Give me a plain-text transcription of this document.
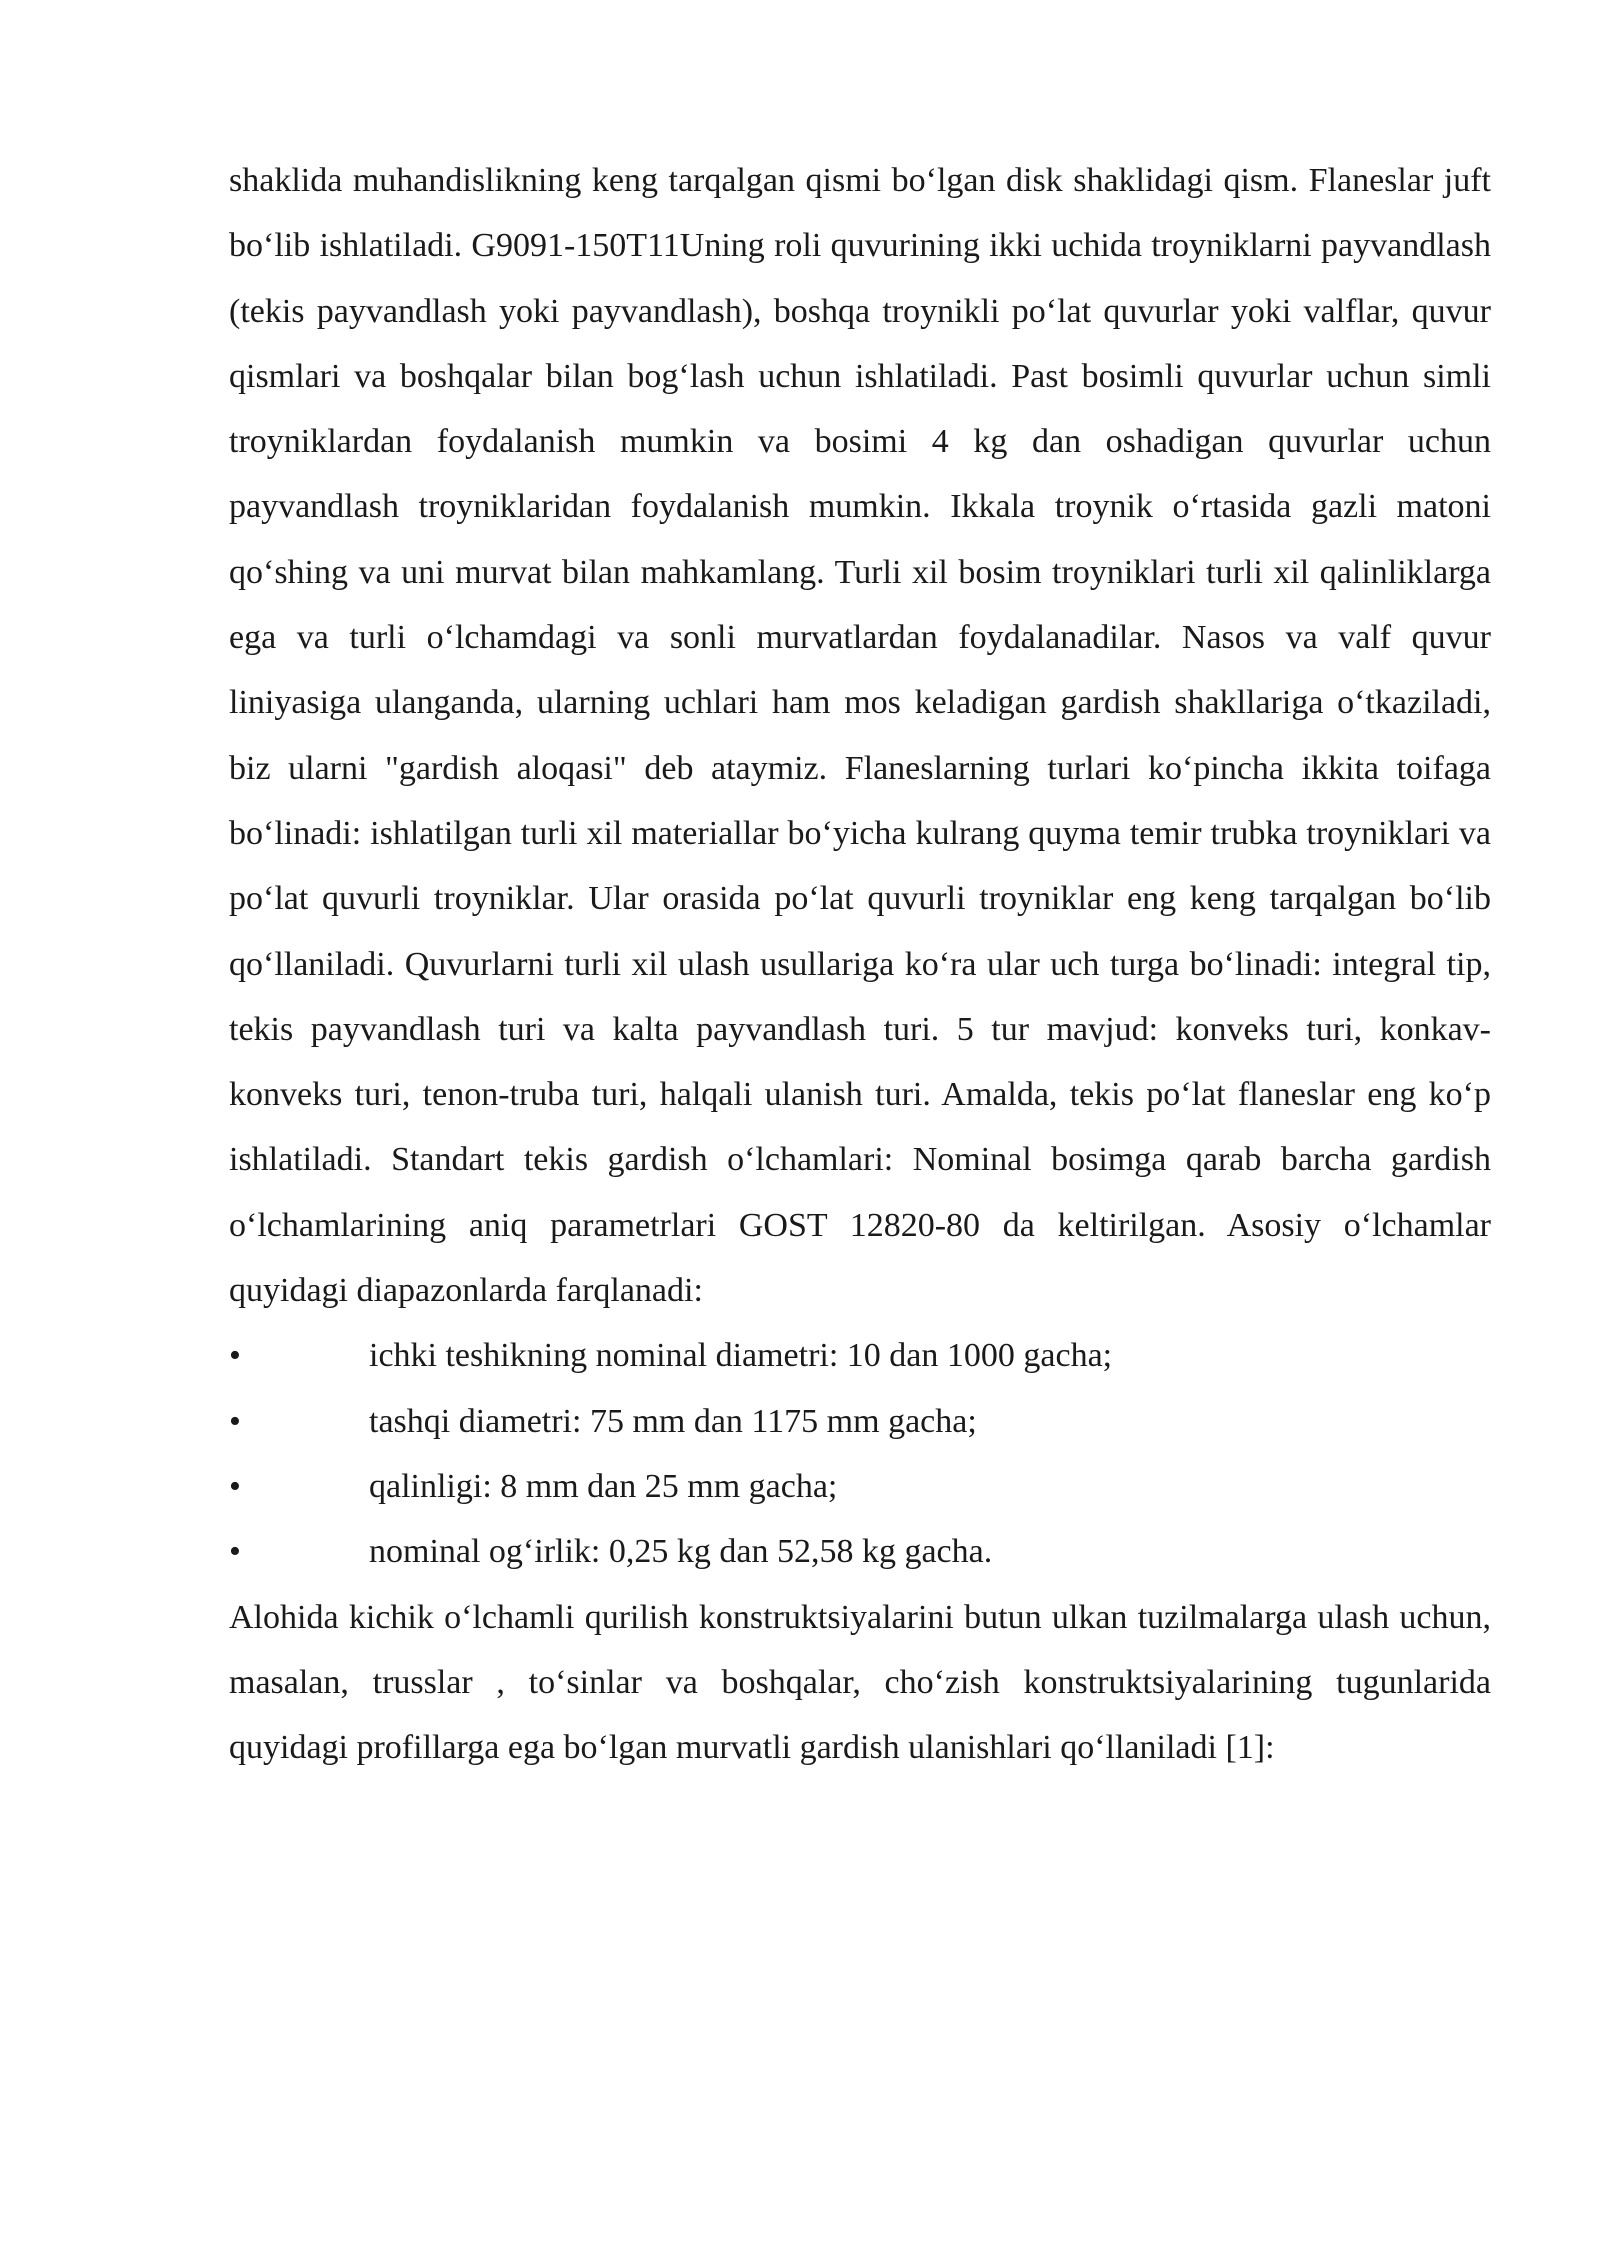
shaklida muhandislikning keng tarqalgan qismi bo‘lgan disk shaklidagi qism. Flaneslar juft bo‘lib ishlatiladi. G9091-150T11Uning roli quvurining ikki uchida troyniklarni payvandlash (tekis payvandlash yoki payvandlash), boshqa troynikli po‘lat quvurlar yoki valflar, quvur qismlari va boshqalar bilan bog‘lash uchun ishlatiladi. Past bosimli quvurlar uchun simli troyniklardan foydalanish mumkin va bosimi 4 kg dan oshadigan quvurlar uchun payvandlash troyniklaridan foydalanish mumkin. Ikkala troynik o‘rtasida gazli matoni qo‘shing va uni murvat bilan mahkamlang. Turli xil bosim troyniklari turli xil qalinliklarga ega va turli o‘lchamdagi va sonli murvatlardan foydalanadilar. Nasos va valf quvur liniyasiga ulanganda, ularning uchlari ham mos keladigan gardish shakllariga o‘tkaziladi, biz ularni "gardish aloqasi" deb ataymiz. Flaneslarning turlari ko‘pincha ikkita toifaga bo‘linadi: ishlatilgan turli xil materiallar bo‘yicha kulrang quyma temir trubka troyniklari va po‘lat quvurli troyniklar. Ular orasida po‘lat quvurli troyniklar eng keng tarqalgan bo‘lib qo‘llaniladi. Quvurlarni turli xil ulash usullariga ko‘ra ular uch turga bo‘linadi: integral tip, tekis payvandlash turi va kalta payvandlash turi. 5 tur mavjud: konveks turi, konkav-konveks turi, tenon-truba turi, halqali ulanish turi. Amalda, tekis po‘lat flaneslar eng ko‘p ishlatiladi. Standart tekis gardish o‘lchamlari: Nominal bosimga qarab barcha gardish o‘lchamlarining aniq parametrlari GOST 12820-80 da keltirilgan. Asosiy o‘lchamlar quyidagi diapazonlarda farqlanadi:

•	ichki teshikning nominal diametri: 10 dan 1000 gacha;
•	tashqi diametri: 75 mm dan 1175 mm gacha;
•	qalinligi: 8 mm dan 25 mm gacha;
•	nominal og‘irlik: 0,25 kg dan 52,58 kg gacha.

Alohida kichik o‘lchamli qurilish konstruktsiyalarini butun ulkan tuzilmalarga ulash uchun, masalan, trusslar , to‘sinlar va boshqalar, cho‘zish konstruktsiyalarining tugunlarida quyidagi profillarga ega bo‘lgan murvatli gardish ulanishlari qo‘llaniladi [1]:
